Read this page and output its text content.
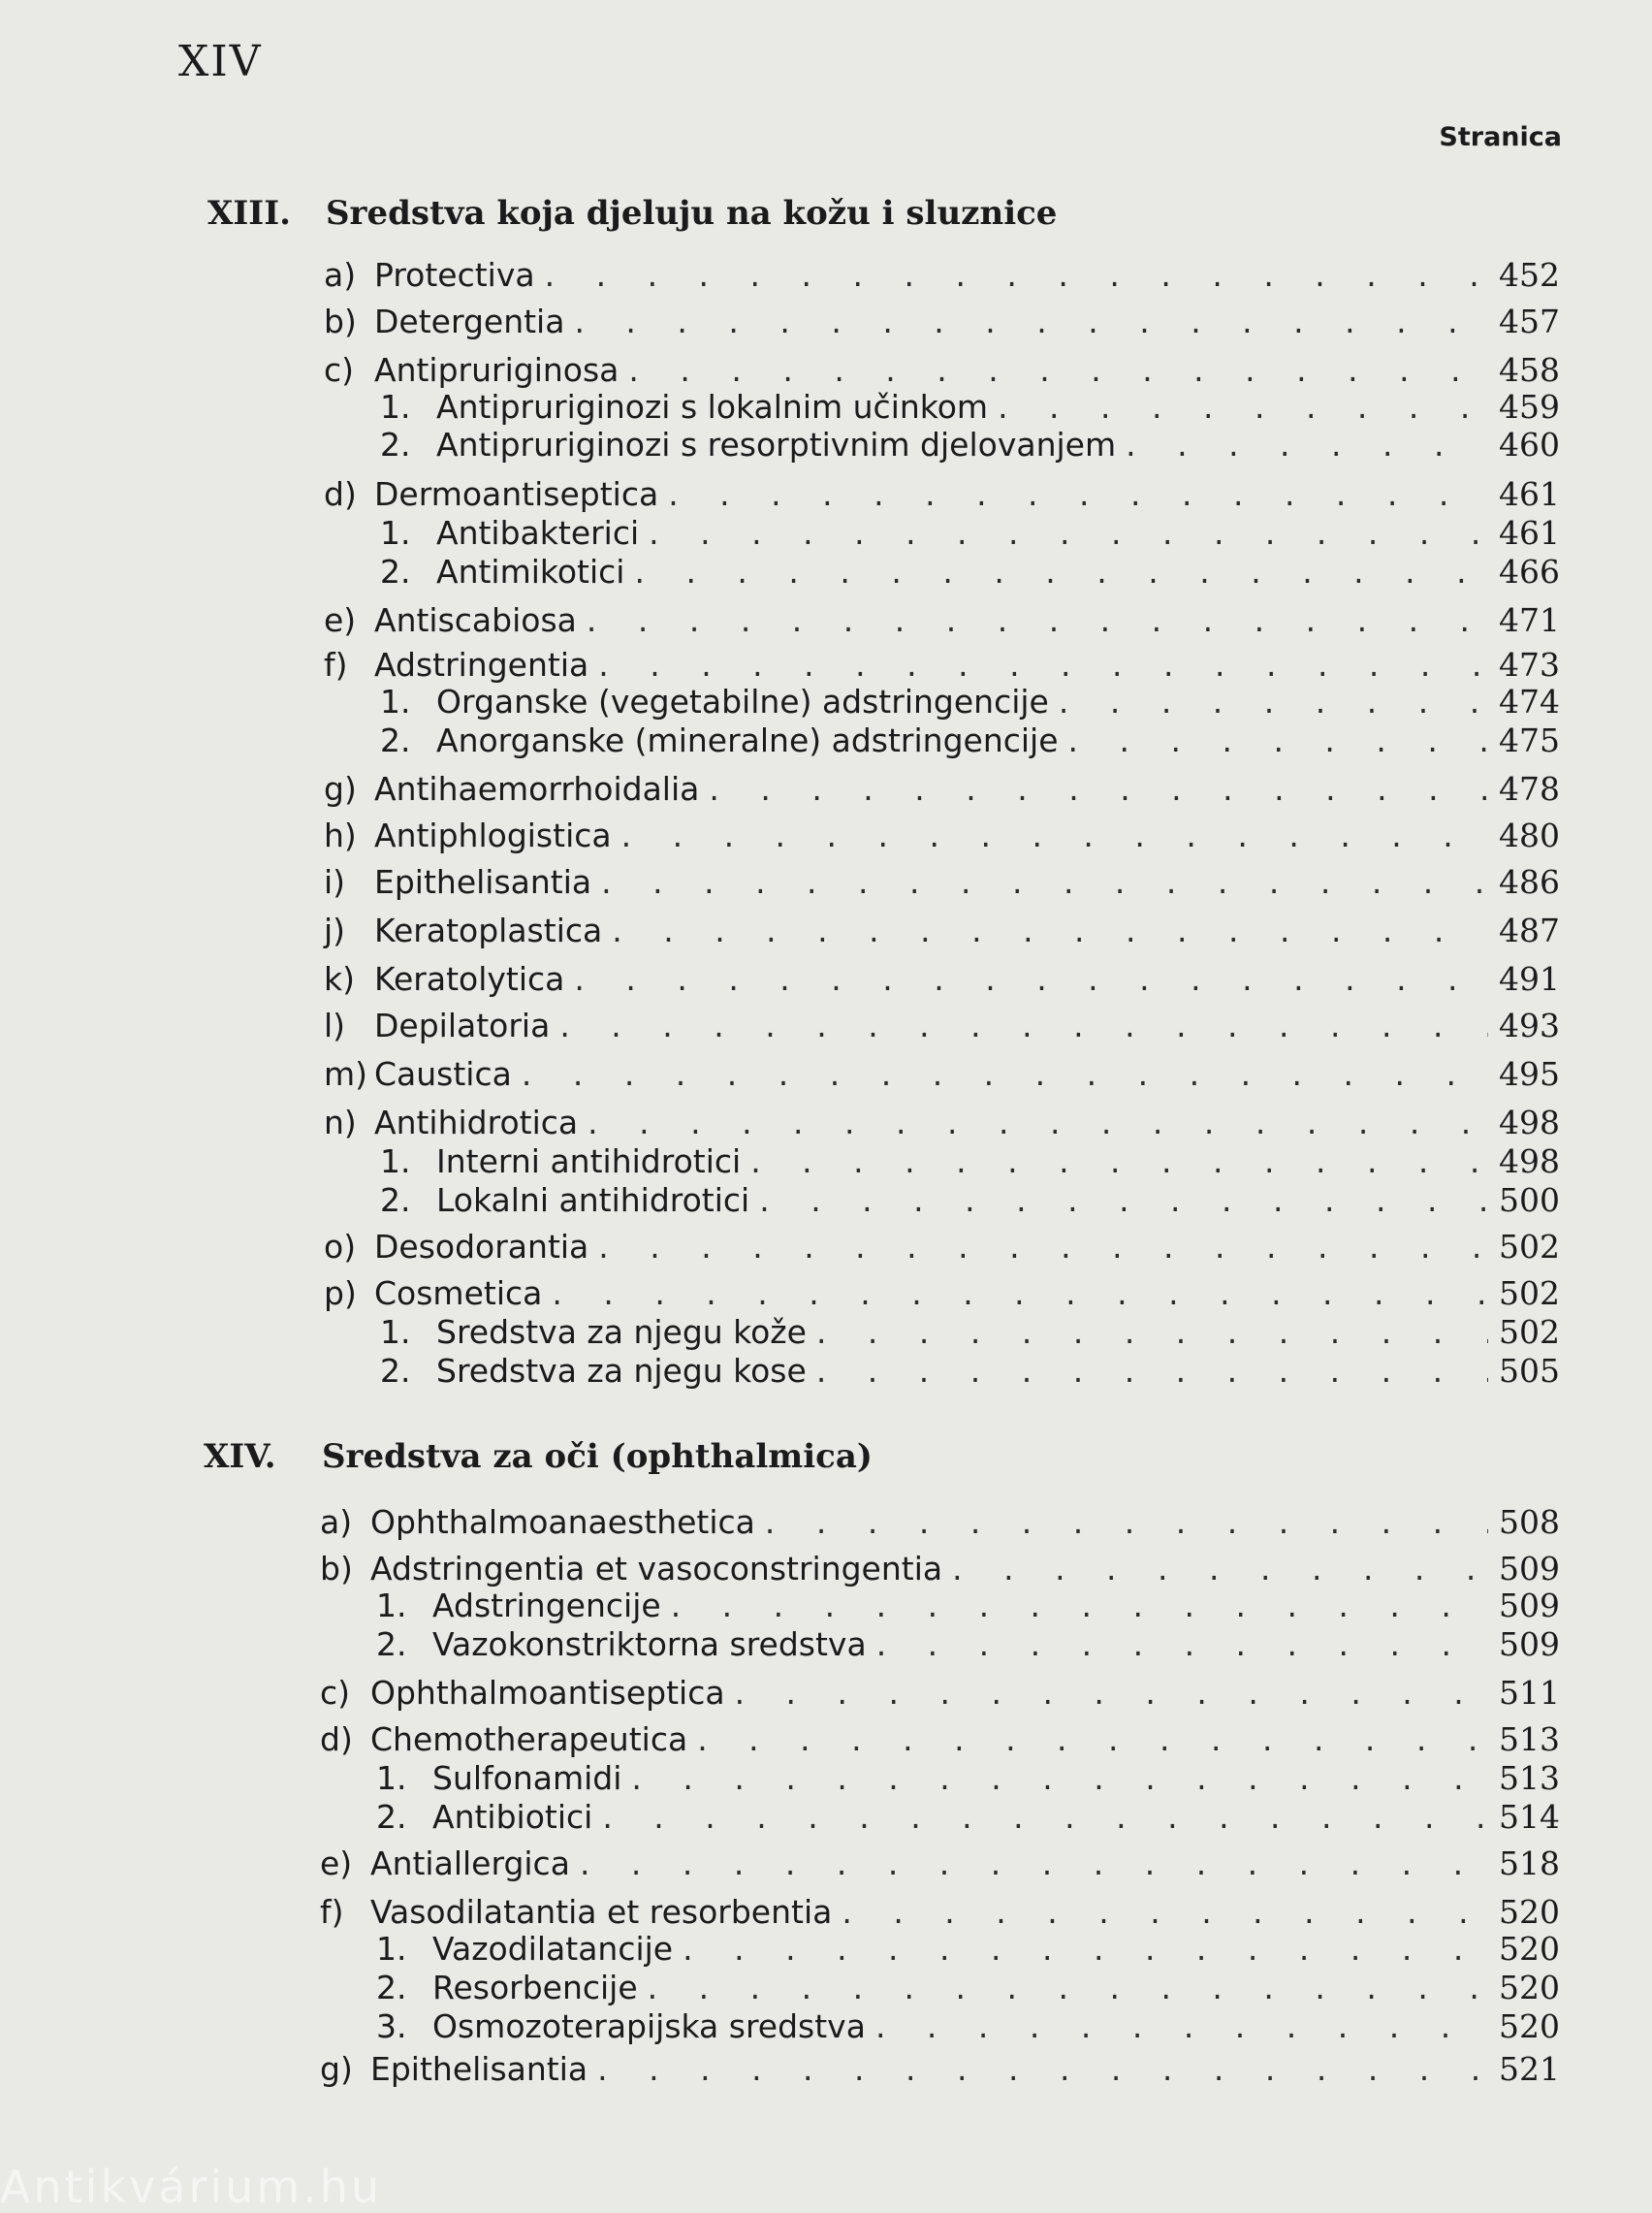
XIV
Stranica
XIII. Sredstva koja djeluju na kožu i sluznice
a) Protectiva . . .	452
b) Detergentia . . .	457
c) Antipruriginosa . . .	458
1. Antipruriginozi s lokalnim učinkom . . .	459
2. Antipruriginozi s resorptivnim djelovanjem . . .	460
d) Dermoantiseptica . . .	461
1. Antibakterici . . .	461
2. Antimikotici . . .	466
e) Antiscabiosa . . .	471
f) Adstringentia . . .	473
1. Organske (vegetabilne) adstringencije . . .	474
2. Anorganske (mineralne) adstringencije . . .	475
g) Antihaemorrhoidalia . . .	478
h) Antiphlogistica . . .	480
i) Epithelisantia . . .	486
j) Keratoplastica . . .	487
k) Keratolytica . . .	491
l) Depilatoria . . .	493
m) Caustica . . .	495
n) Antihidrotica . . .	498
1. Interni antihidrotici . . .	498
2. Lokalni antihidrotici . . .	500
o) Desodorantia . . .	502
p) Cosmetica . . .	502
1. Sredstva za njegu kože . . .	502
2. Sredstva za njegu kose . . .	505
XIV. Sredstva za oči (ophthalmica)
a) Ophthalmoanaesthetica . . .	508
b) Adstringentia et vasoconstringentia . . .	509
1. Adstringencije . . .	509
2. Vazokonstriktorna sredstva . . .	509
c) Ophthalmoantiseptica . . .	511
d) Chemotherapeutica . . .	513
1. Sulfonamidi . . .	513
2. Antibiotici . . .	514
e) Antiallergica . . .	518
f) Vasodilatantia et resorbentia . . .	520
1. Vazodilatancije . . .	520
2. Resorbencije . . .	520
3. Osmozoterapijska sredstva . . .	520
g) Epithelisantia . . .	521
Antikvárium.hu
